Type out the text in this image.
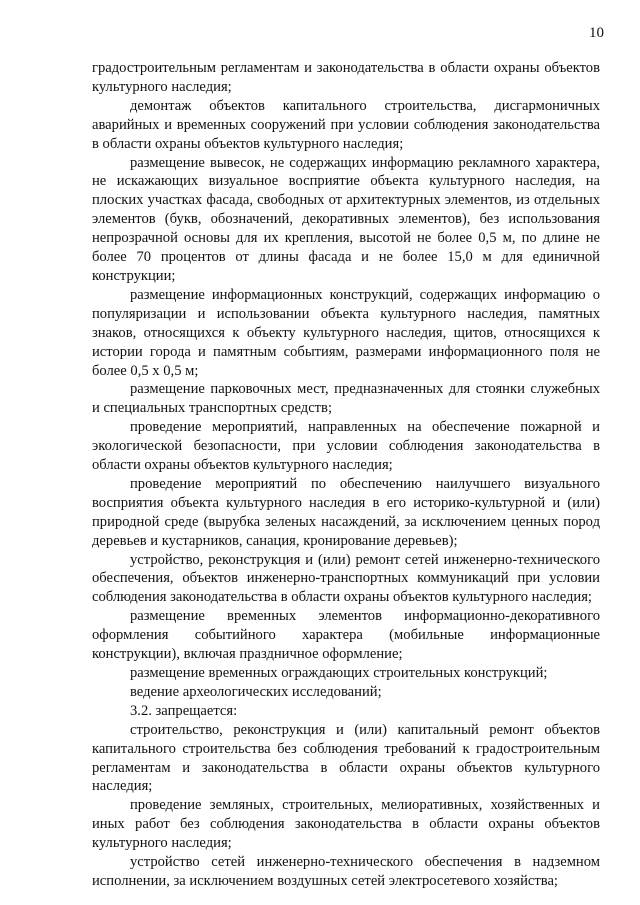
10

градостроительным регламентам и законодательства в области охраны объектов культурного наследия;

демонтаж объектов капитального строительства, дисгармоничных аварийных и временных сооружений при условии соблюдения законодательства в области охраны объектов культурного наследия;

размещение вывесок, не содержащих информацию рекламного характера, не искажающих визуальное восприятие объекта культурного наследия, на плоских участках фасада, свободных от архитектурных элементов, из отдельных элементов (букв, обозначений, декоративных элементов), без использования непрозрачной основы для их крепления, высотой не более 0,5 м, по длине не более 70 процентов от длины фасада и не более 15,0 м для единичной конструкции;

размещение информационных конструкций, содержащих информацию о популяризации и использовании объекта культурного наследия, памятных знаков, относящихся к объекту культурного наследия, щитов, относящихся к истории города и памятным событиям, размерами информационного поля не более 0,5 х 0,5 м;

размещение парковочных мест, предназначенных для стоянки служебных и специальных транспортных средств;

проведение мероприятий, направленных на обеспечение пожарной и экологической безопасности, при условии соблюдения законодательства в области охраны объектов культурного наследия;

проведение мероприятий по обеспечению наилучшего визуального восприятия объекта культурного наследия в его историко-культурной и (или) природной среде (вырубка зеленых насаждений, за исключением ценных пород деревьев и кустарников, санация, кронирование деревьев);

устройство, реконструкция и (или) ремонт сетей инженерно-технического обеспечения, объектов инженерно-транспортных коммуникаций при условии соблюдения законодательства в области охраны объектов культурного наследия;

размещение временных элементов информационно-декоративного оформления событийного характера (мобильные информационные конструкции), включая праздничное оформление;

размещение временных ограждающих строительных конструкций;

ведение археологических исследований;

3.2. запрещается:

строительство, реконструкция и (или) капитальный ремонт объектов капитального строительства без соблюдения требований к градостроительным регламентам и законодательства в области охраны объектов культурного наследия;

проведение земляных, строительных, мелиоративных, хозяйственных и иных работ без соблюдения законодательства в области охраны объектов культурного наследия;

устройство сетей инженерно-технического обеспечения в надземном исполнении, за исключением воздушных сетей электросетевого хозяйства;
